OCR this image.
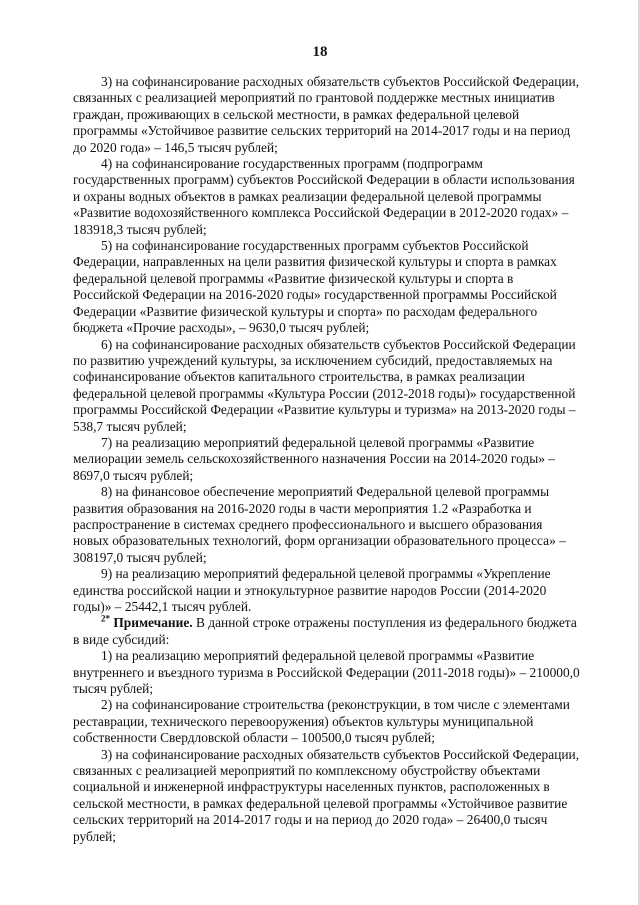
18

3) на софинансирование расходных обязательств субъектов Российской Федерации, связанных с реализацией мероприятий по грантовой поддержке местных инициатив граждан, проживающих в сельской местности, в рамках федеральной целевой программы «Устойчивое развитие сельских территорий на 2014-2017 годы и на период до 2020 года» – 146,5 тысяч рублей;

4) на софинансирование государственных программ (подпрограмм государственных программ) субъектов Российской Федерации в области использования и охраны водных объектов в рамках реализации федеральной целевой программы «Развитие водохозяйственного комплекса Российской Федерации в 2012-2020 годах» – 183918,3 тысяч рублей;

5) на софинансирование государственных программ субъектов Российской Федерации, направленных на цели развития физической культуры и спорта в рамках федеральной целевой программы «Развитие физической культуры и спорта в Российской Федерации на 2016-2020 годы» государственной программы Российской Федерации «Развитие физической культуры и спорта» по расходам федерального бюджета «Прочие расходы», – 9630,0 тысяч рублей;

6) на софинансирование расходных обязательств субъектов Российской Федерации по развитию учреждений культуры, за исключением субсидий, предоставляемых на софинансирование объектов капитального строительства, в рамках реализации федеральной целевой программы «Культура России (2012-2018 годы)» государственной программы Российской Федерации «Развитие культуры и туризма» на 2013-2020 годы – 538,7 тысяч рублей;

7) на реализацию мероприятий федеральной целевой программы «Развитие мелиорации земель сельскохозяйственного назначения России на 2014-2020 годы» – 8697,0 тысяч рублей;

8) на финансовое обеспечение мероприятий Федеральной целевой программы развития образования на 2016-2020 годы в части мероприятия 1.2 «Разработка и распространение в системах среднего профессионального и высшего образования новых образовательных технологий, форм организации образовательного процесса» – 308197,0 тысяч рублей;

9) на реализацию мероприятий федеральной целевой программы «Укрепление единства российской нации и этнокультурное развитие народов России (2014-2020 годы)» – 25442,1 тысяч рублей.

$^{2*}$ Примечание. В данной строке отражены поступления из федерального бюджета в виде субсидий:

1) на реализацию мероприятий федеральной целевой программы «Развитие внутреннего и въездного туризма в Российской Федерации (2011-2018 годы)» – 210000,0 тысяч рублей;

2) на софинансирование строительства (реконструкции, в том числе с элементами реставрации, технического перевооружения) объектов культуры муниципальной собственности Свердловской области – 100500,0 тысяч рублей;

3) на софинансирование расходных обязательств субъектов Российской Федерации, связанных с реализацией мероприятий по комплексному обустройству объектами социальной и инженерной инфраструктуры населенных пунктов, расположенных в сельской местности, в рамках федеральной целевой программы «Устойчивое развитие сельских территорий на 2014-2017 годы и на период до 2020 года» – 26400,0 тысяч рублей;
